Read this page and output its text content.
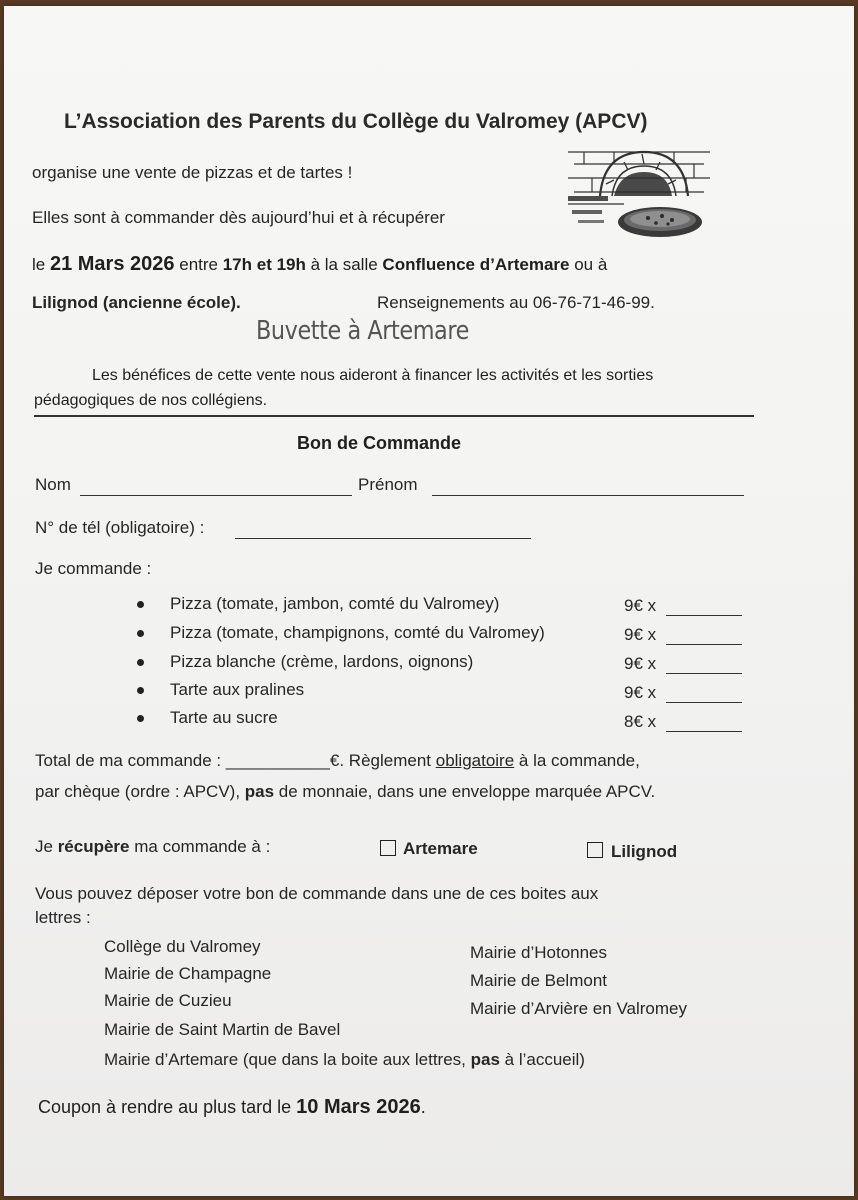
L’Association des Parents du Collège du Valromey (APCV)
organise une vente de pizzas et de tartes !
Elles sont à commander dès aujourd’hui et à récupérer
le 21 Mars 2026 entre 17h et 19h à la salle Confluence d’Artemare ou à
Lilignod (ancienne école).	Renseignements au 06-76-71-46-99.
Buvette à Artemare
Les bénéfices de cette vente nous aideront à financer les activités et les sorties
pédagogiques de nos collégiens.
Bon de Commande
Nom	Prénom
N° de tél (obligatoire) :
Je commande :
Pizza (tomate, jambon, comté du Valromey)	9€ x
Pizza (tomate, champignons, comté du Valromey)	9€ x
Pizza blanche (crème, lardons, oignons)	9€ x
Tarte aux pralines	9€ x
Tarte au sucre	8€ x
Total de ma commande : ___________€. Règlement obligatoire à la commande,
par chèque (ordre : APCV), pas de monnaie, dans une enveloppe marquée APCV.
Je récupère ma commande à :	Artemare	Lilignod
Vous pouvez déposer votre bon de commande dans une de ces boites aux
lettres :
Collège du Valromey
Mairie de Champagne
Mairie de Cuzieu
Mairie de Saint Martin de Bavel
Mairie d’Hotonnes
Mairie de Belmont
Mairie d’Arvière en Valromey
Mairie d’Artemare (que dans la boite aux lettres, pas à l’accueil)
Coupon à rendre au plus tard le 10 Mars 2026.
